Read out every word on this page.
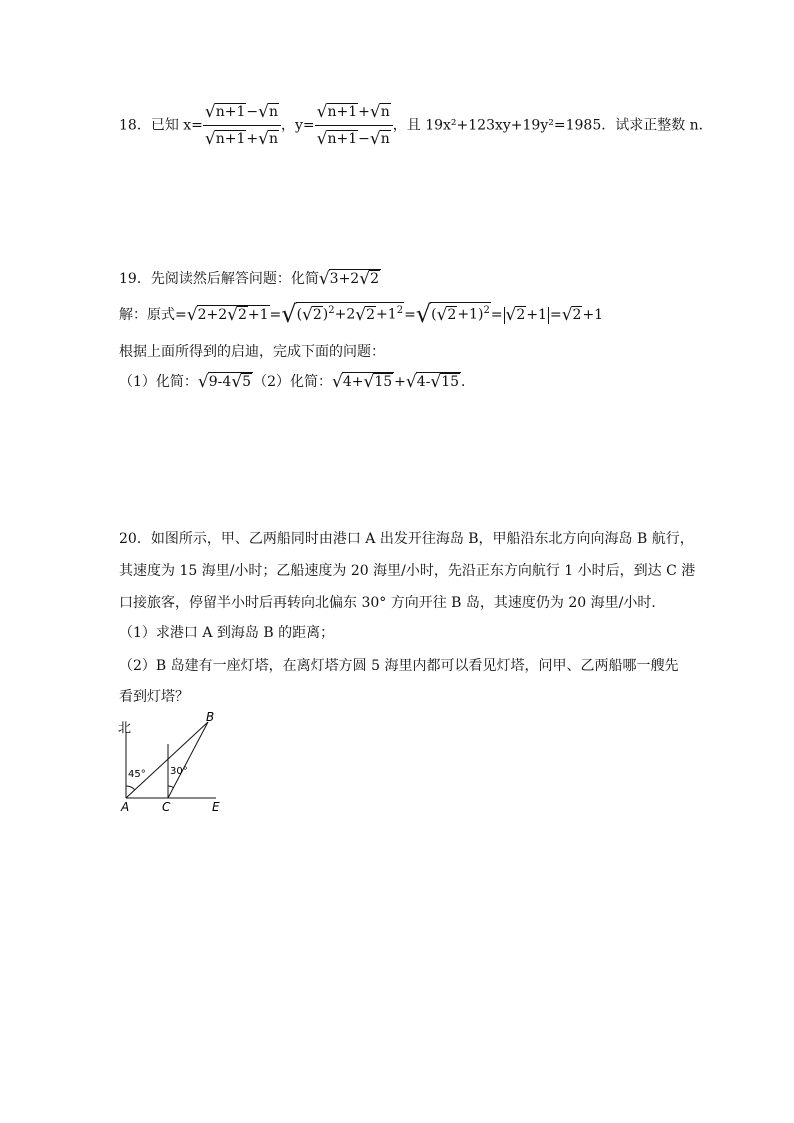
18．已知 $x= \frac{√n+1-√n}{√n+1+√n}$ ，$y= \frac{√n+1+√n}{√n+1-√n}$ ，且 19x²+123xy+19y²=1985．试求正整数 n．
19．先阅读然后解答问题：化简√3+2√2
解：原式$=√2+2√2+1=√(√2)^2+2√2+1^2=√(√2+1)^2= √2+1 =√2+1$
根据上面所得到的启迪，完成下面的问题：
（1）化简：√9-4√5 （2）化简：√4+√15 +√4-√15 ．
20．如图所示，甲、乙两船同时由港口 A 出发开往海岛 B，甲船沿东北方向向海岛 B 航行，
其速度为 15 海里/小时；乙船速度为 20 海里/小时，先沿正东方向航行 1 小时后，到达 C 港
口接旅客，停留半小时后再转向北偏东 30° 方向开往 B 岛，其速度仍为 20 海里/小时．
（1）求港口 A 到海岛 B 的距离；
（2）B 岛建有一座灯塔，在离灯塔方圆 5 海里内都可以看见灯塔，问甲、乙两船哪一艘先
看到灯塔？
北
B
A	C	E
45° 30°
